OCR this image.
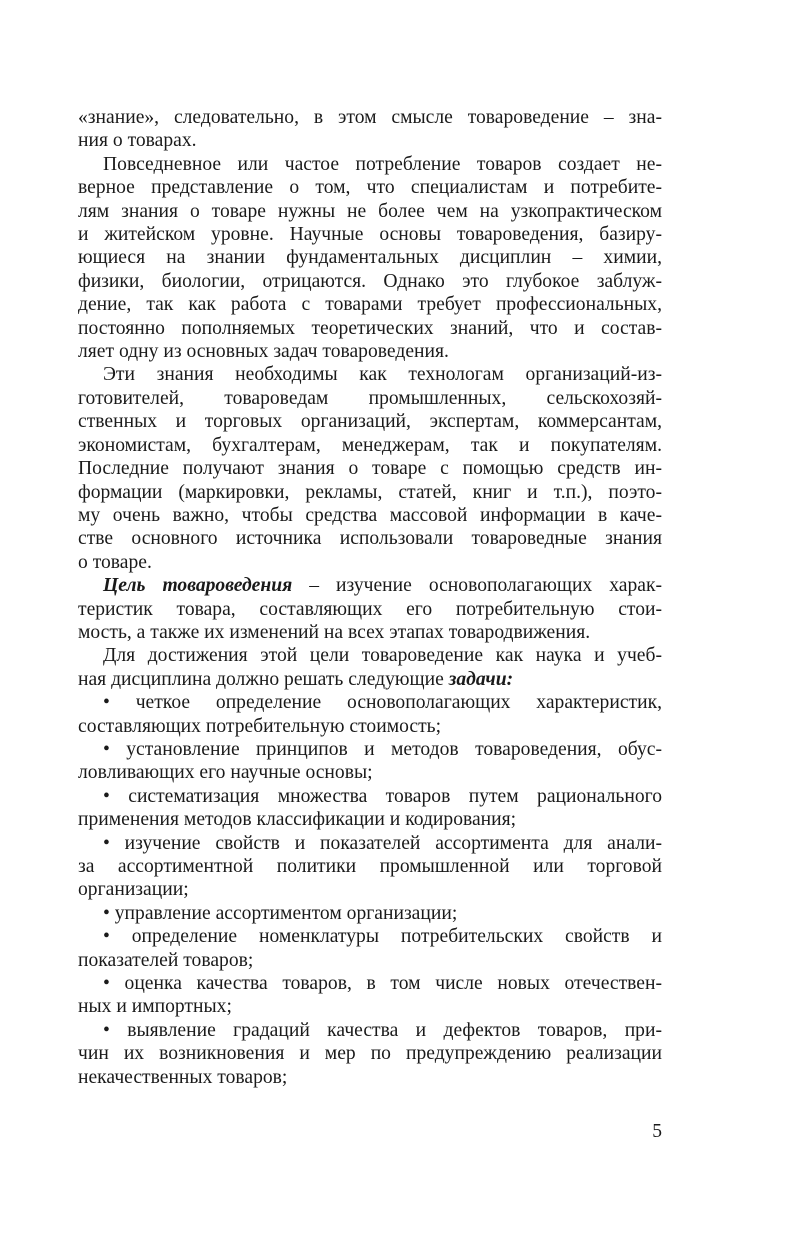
«знание», следовательно, в этом смысле товароведение – зна-
ния о товарах.
Повседневное или частое потребление товаров создает не-
верное представление о том, что специалистам и потребите-
лям знания о товаре нужны не более чем на узкопрактическом
и житейском уровне. Научные основы товароведения, базиру-
ющиеся на знании фундаментальных дисциплин – химии,
физики, биологии, отрицаются. Однако это глубокое заблуж-
дение, так как работа с товарами требует профессиональных,
постоянно пополняемых теоретических знаний, что и состав-
ляет одну из основных задач товароведения.
Эти знания необходимы как технологам организаций-из-
готовителей, товароведам промышленных, сельскохозяй-
ственных и торговых организаций, экспертам, коммерсантам,
экономистам, бухгалтерам, менеджерам, так и покупателям.
Последние получают знания о товаре с помощью средств ин-
формации (маркировки, рекламы, статей, книг и т.п.), поэто-
му очень важно, чтобы средства массовой информации в каче-
стве основного источника использовали товароведные знания
о товаре.
Цель товароведения – изучение основополагающих харак-
теристик товара, составляющих его потребительную стои-
мость, а также их изменений на всех этапах товародвижения.
Для достижения этой цели товароведение как наука и учеб-
ная дисциплина должно решать следующие задачи:
• четкое определение основополагающих характеристик,
составляющих потребительную стоимость;
• установление принципов и методов товароведения, обус-
ловливающих его научные основы;
• систематизация множества товаров путем рационального
применения методов классификации и кодирования;
• изучение свойств и показателей ассортимента для анали-
за ассортиментной политики промышленной или торговой
организации;
• управление ассортиментом организации;
• определение номенклатуры потребительских свойств и
показателей товаров;
• оценка качества товаров, в том числе новых отечествен-
ных и импортных;
• выявление градаций качества и дефектов товаров, при-
чин их возникновения и мер по предупреждению реализации
некачественных товаров;
5
